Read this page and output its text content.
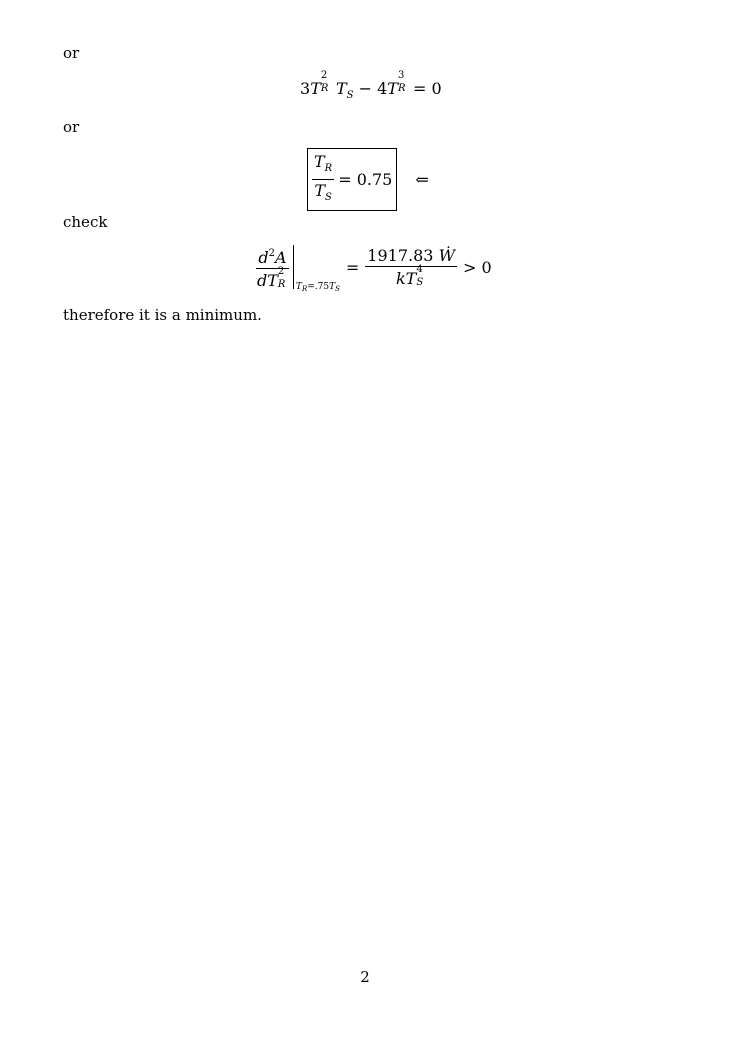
or
3T
2
R $T_S - 4T$
3
R = 0
or
$\frac{T_R}{T_S} = 0.75$ ⇐
check
$d^2A$
dT 2
R $T_R=.75T_S$
= 1917.83 Ẇ
kT 4
S > 0
therefore it is a minimum.
2
